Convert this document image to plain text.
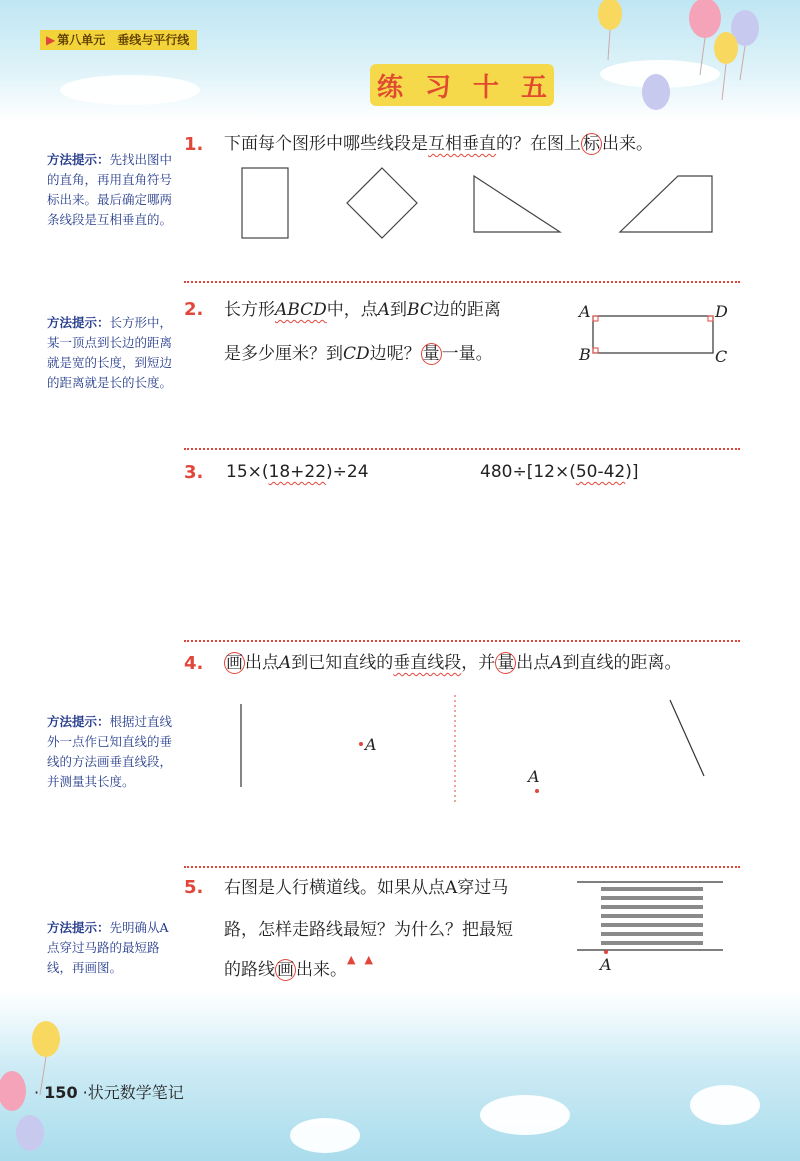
▶ 第八单元　垂线与平行线
练习十五
方法提示：先找出图中的直角，再用直角符号标出来。最后确定哪两条线段是互相垂直的。
1. 下面每个图形中哪些线段是互相垂直的？在图上 标 出来。
方法提示：长方形中，某一顶点到长边的距离就是宽的长度，到短边的距离就是长的长度。
2. 长方形ABCD中，点A到BC边的距离
是多少厘米？到CD边呢？ 量 一量。
A	D
B	C
3. 15×(18+22)÷24	480÷[12×(50-42)]
4. 画 出点A到已知直线的垂直线段，并 量 出点A到直线的距离。
方法提示：根据过直线外一点作已知直线的垂线的方法画垂直线段，并测量其长度。
A
A
5. 右图是人行横道线。如果从点A穿过马
路，怎样走路线最短
▲▲
？为什么？把最短
的路线 画 出来。
方法提示：先明确从A点穿过马路的最短路线，再画图。	A
· 150 ·状元数学笔记
